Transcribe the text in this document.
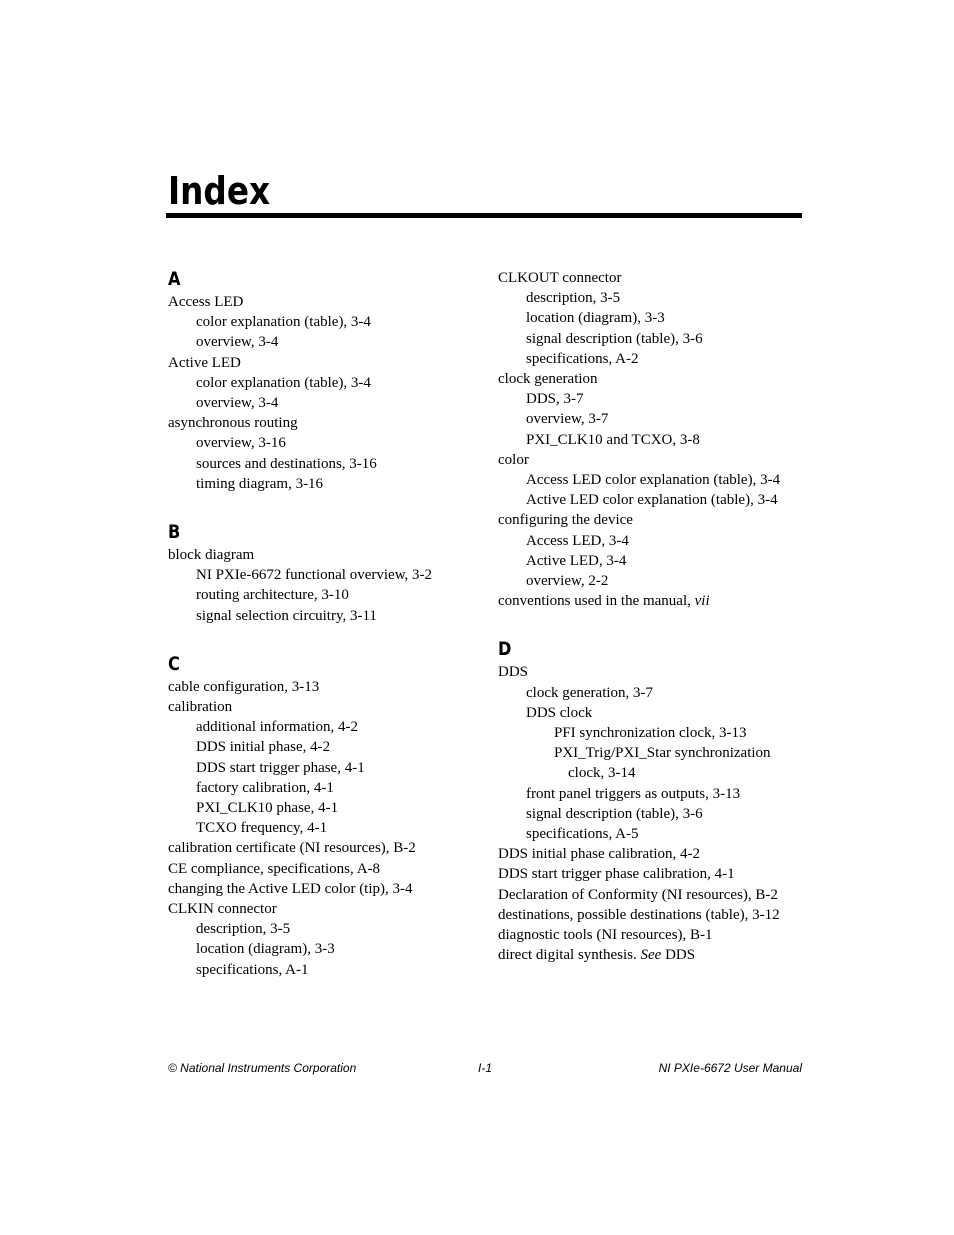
Index
A
Access LED
color explanation (table), 3-4
overview, 3-4
Active LED
color explanation (table), 3-4
overview, 3-4
asynchronous routing
overview, 3-16
sources and destinations, 3-16
timing diagram, 3-16
B
block diagram
NI PXIe-6672 functional overview, 3-2
routing architecture, 3-10
signal selection circuitry, 3-11
C
cable configuration, 3-13
calibration
additional information, 4-2
DDS initial phase, 4-2
DDS start trigger phase, 4-1
factory calibration, 4-1
PXI_CLK10 phase, 4-1
TCXO frequency, 4-1
calibration certificate (NI resources), B-2
CE compliance, specifications, A-8
changing the Active LED color (tip), 3-4
CLKIN connector
description, 3-5
location (diagram), 3-3
specifications, A-1
CLKOUT connector
description, 3-5
location (diagram), 3-3
signal description (table), 3-6
specifications, A-2
clock generation
DDS, 3-7
overview, 3-7
PXI_CLK10 and TCXO, 3-8
color
Access LED color explanation (table), 3-4
Active LED color explanation (table), 3-4
configuring the device
Access LED, 3-4
Active LED, 3-4
overview, 2-2
conventions used in the manual, vii
D
DDS
clock generation, 3-7
DDS clock
PFI synchronization clock, 3-13
PXI_Trig/PXI_Star synchronization
clock, 3-14
front panel triggers as outputs, 3-13
signal description (table), 3-6
specifications, A-5
DDS initial phase calibration, 4-2
DDS start trigger phase calibration, 4-1
Declaration of Conformity (NI resources), B-2
destinations, possible destinations (table), 3-12
diagnostic tools (NI resources), B-1
direct digital synthesis. See DDS
© National Instruments Corporation	I-1	NI PXIe-6672 User Manual
